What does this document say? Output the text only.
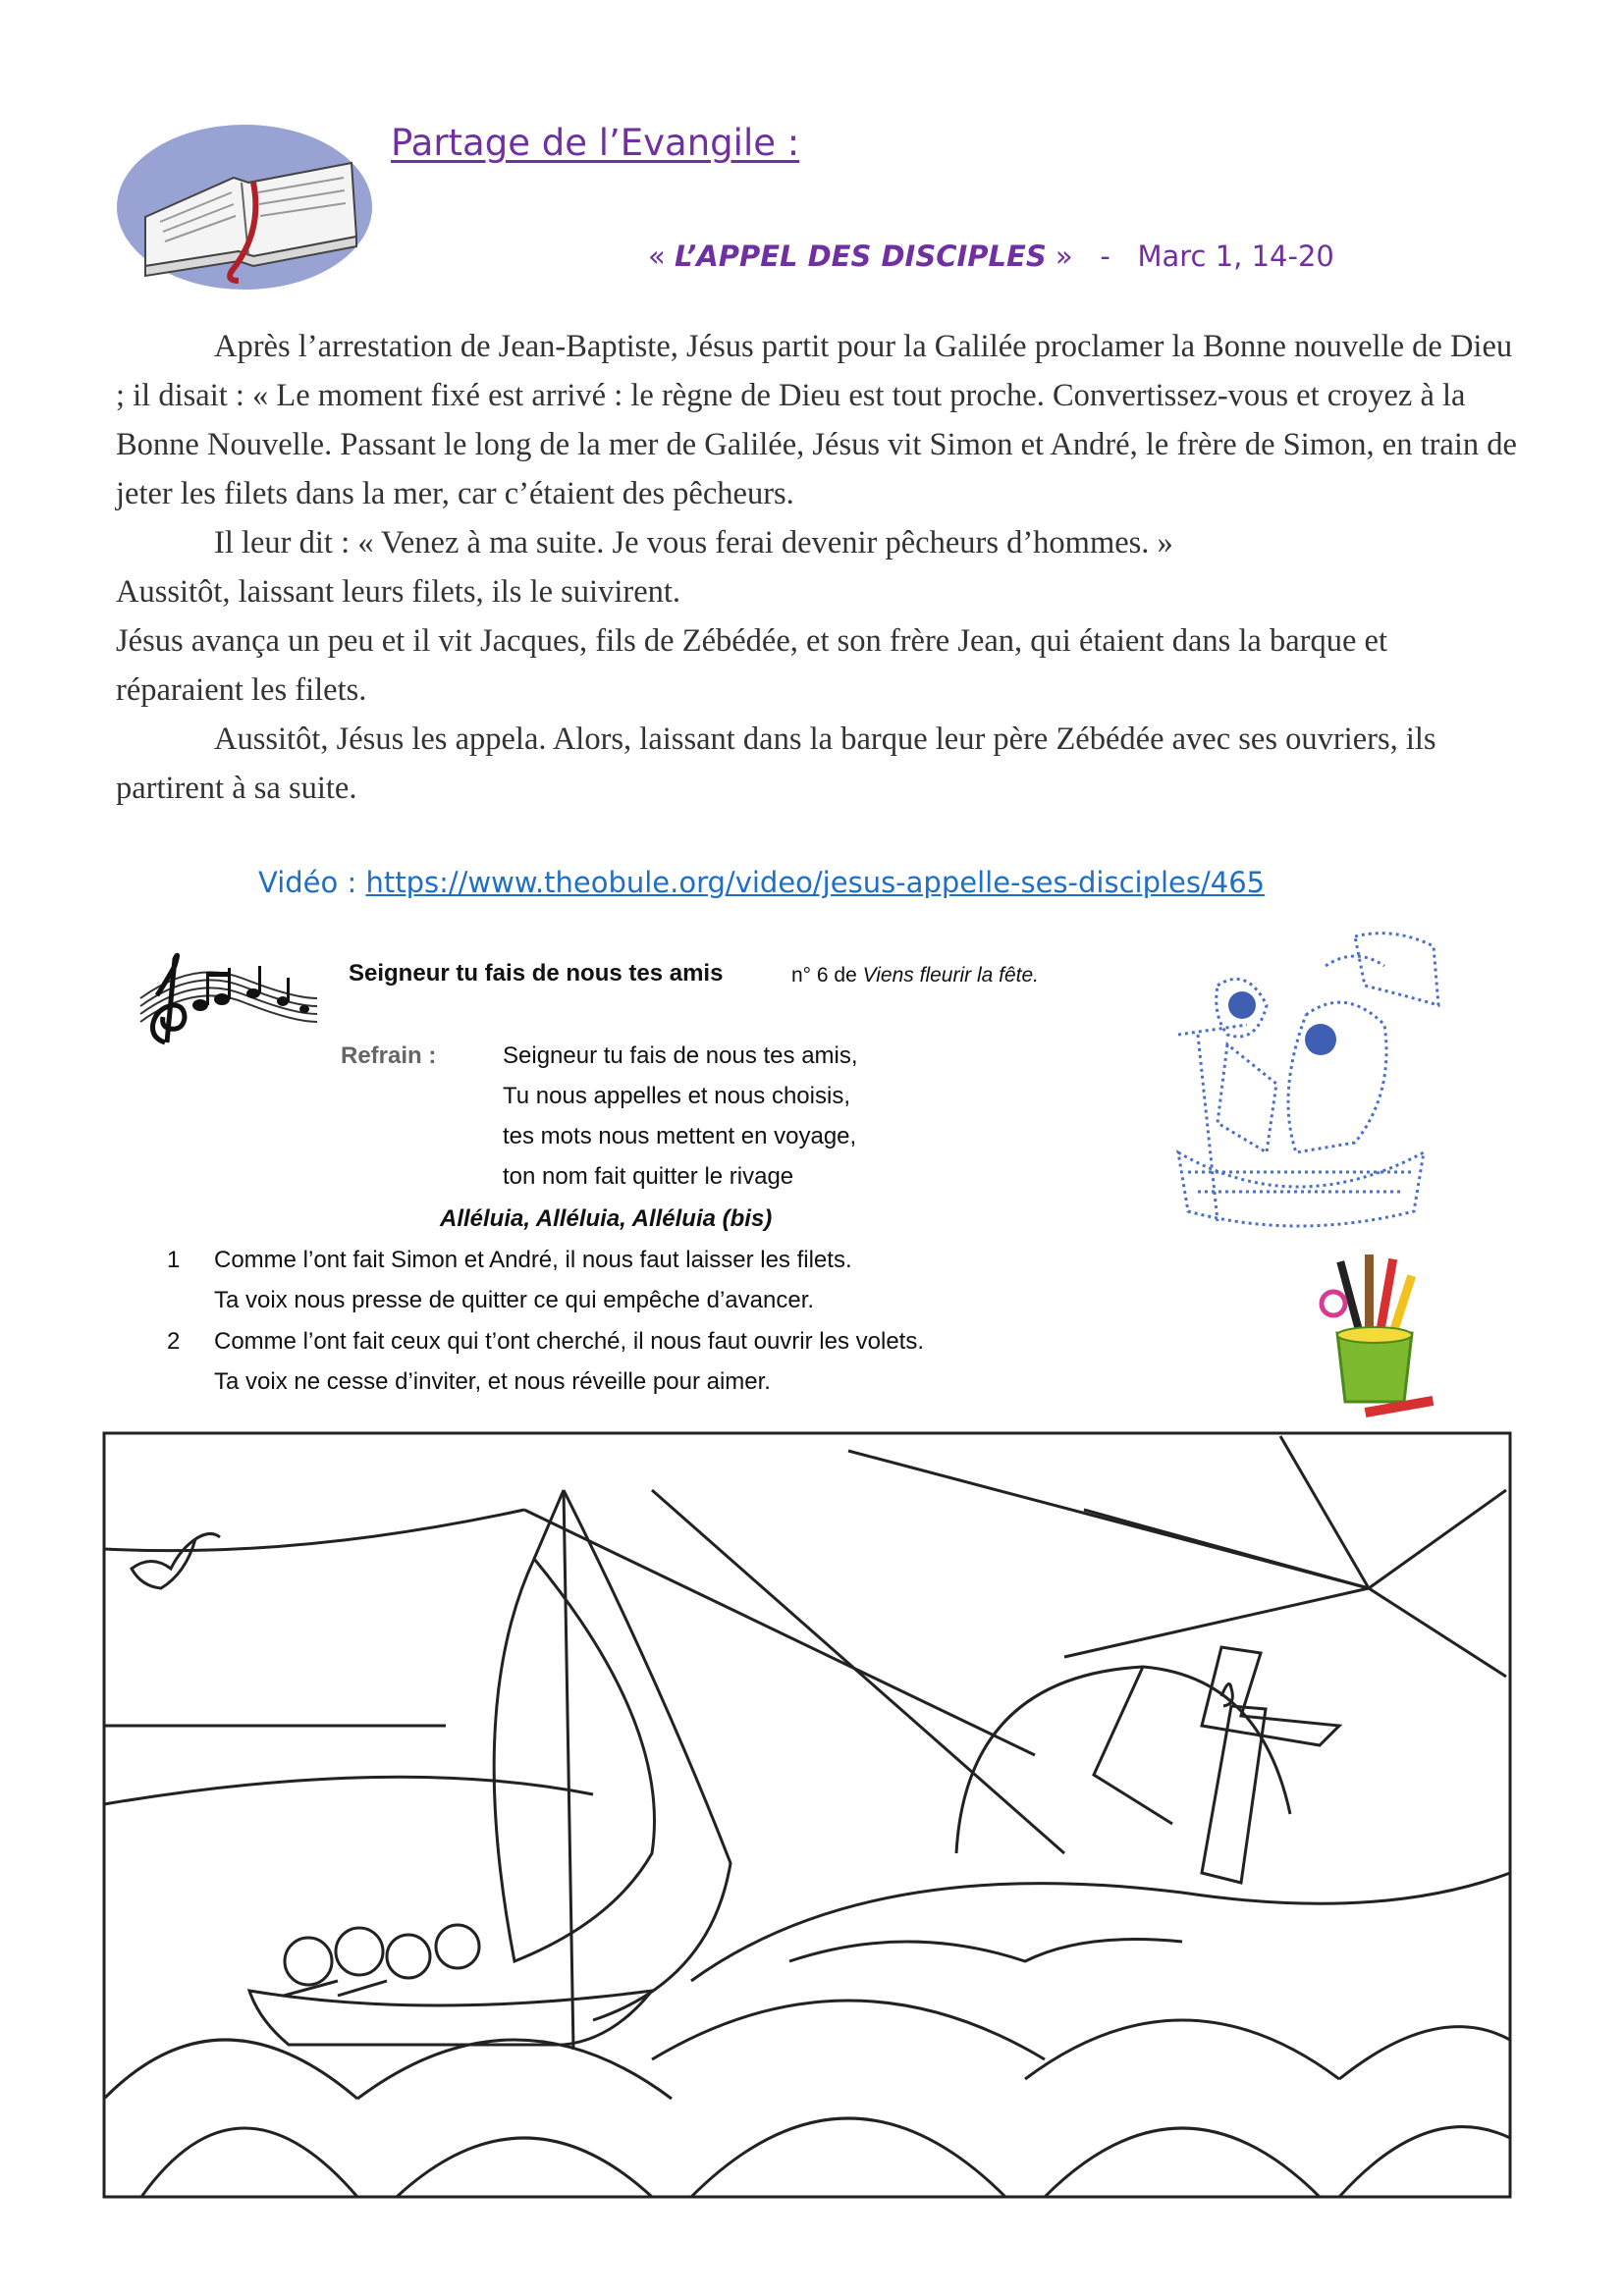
Partage de l’Evangile :
« L’APPEL DES DISCIPLES »   -   Marc 1, 14-20

Après l’arrestation de Jean-Baptiste, Jésus partit pour la Galilée proclamer la Bonne nouvelle de Dieu ; il disait : « Le moment fixé est arrivé : le règne de Dieu est tout proche. Convertissez-vous et croyez à la Bonne Nouvelle. Passant le long de la mer de Galilée, Jésus vit Simon et André, le frère de Simon, en train de jeter les filets dans la mer, car c’étaient des pêcheurs.

Il leur dit : « Venez à ma suite. Je vous ferai devenir pêcheurs d’hommes. »

Aussitôt, laissant leurs filets, ils le suivirent.

Jésus avança un peu et il vit Jacques, fils de Zébédée, et son frère Jean, qui étaient dans la barque et réparaient les filets.

Aussitôt, Jésus les appela. Alors, laissant dans la barque leur père Zébédée avec ses ouvriers, ils partirent à sa suite.

Vidéo : https://www.theobule.org/video/jesus-appelle-ses-disciples/465
Seigneur tu fais de nous tes amis	n° 6 de Viens fleurir la fête.
Refrain :	Seigneur tu fais de nous tes amis,
Tu nous appelles et nous choisis,
tes mots nous mettent en voyage,
ton nom fait quitter le rivage
Alléluia, Alléluia, Alléluia (bis)
1 Comme l’ont fait Simon et André, il nous faut laisser les filets.
Ta voix nous presse de quitter ce qui empêche d’avancer.
2 Comme l’ont fait ceux qui t’ont cherché, il nous faut ouvrir les volets.
Ta voix ne cesse d’inviter, et nous réveille pour aimer.
